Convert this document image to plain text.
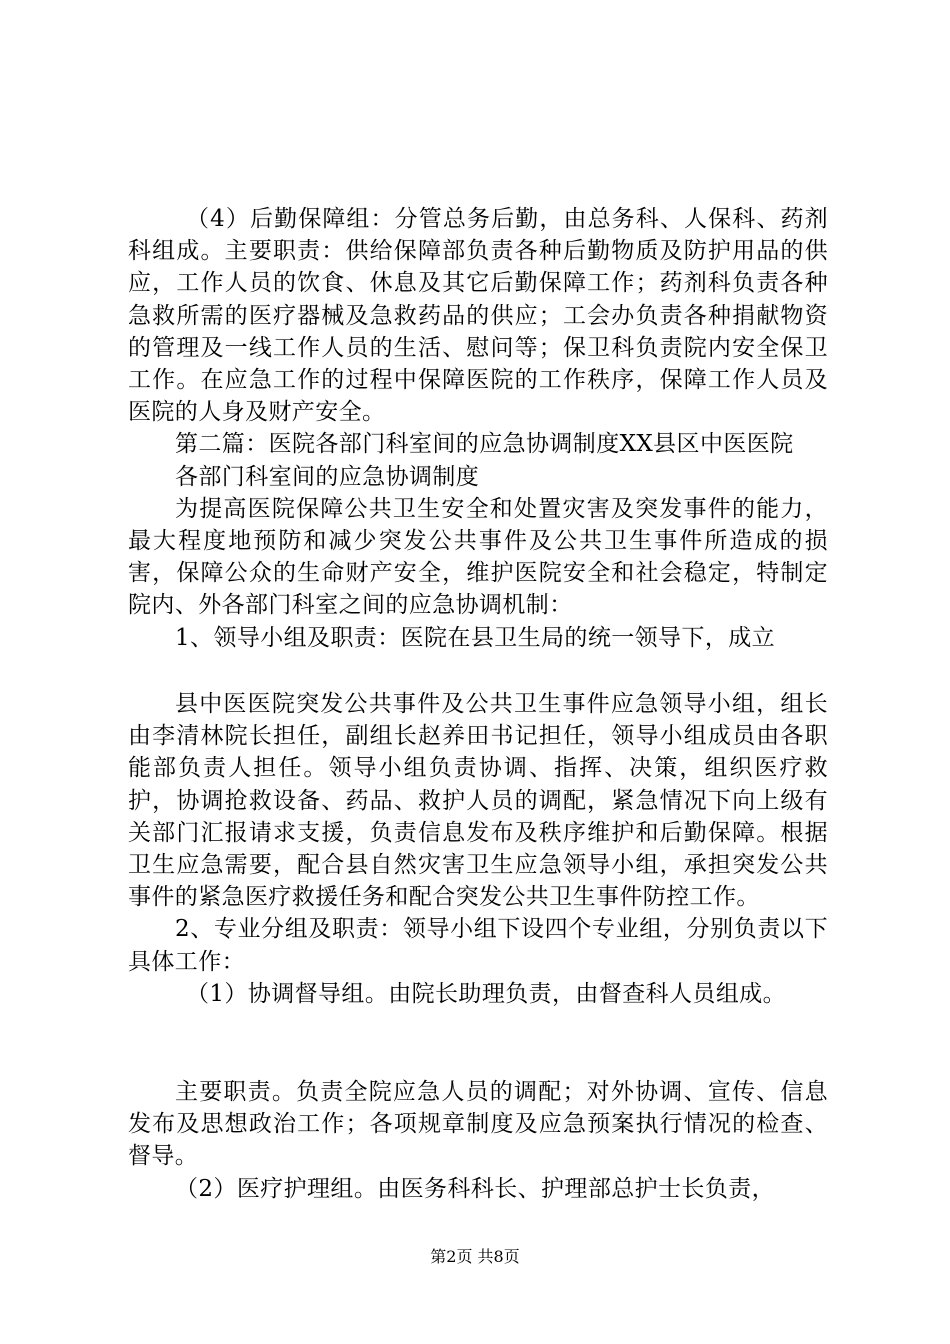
（4）后勤保障组：分管总务后勤，由总务科、人保科、药剂科组成。主要职责：供给保障部负责各种后勤物质及防护用品的供应，工作人员的饮食、休息及其它后勤保障工作；药剂科负责各种急救所需的医疗器械及急救药品的供应；工会办负责各种捐献物资的管理及一线工作人员的生活、慰问等；保卫科负责院内安全保卫工作。在应急工作的过程中保障医院的工作秩序，保障工作人员及医院的人身及财产安全。

第二篇：医院各部门科室间的应急协调制度XX县区中医医院

各部门科室间的应急协调制度

为提高医院保障公共卫生安全和处置灾害及突发事件的能力，最大程度地预防和减少突发公共事件及公共卫生事件所造成的损害，保障公众的生命财产安全，维护医院安全和社会稳定，特制定院内、外各部门科室之间的应急协调机制：

1、领导小组及职责：医院在县卫生局的统一领导下，成立

县中医医院突发公共事件及公共卫生事件应急领导小组，组长由李清林院长担任，副组长赵养田书记担任，领导小组成员由各职能部负责人担任。领导小组负责协调、指挥、决策，组织医疗救护，协调抢救设备、药品、救护人员的调配，紧急情况下向上级有关部门汇报请求支援，负责信息发布及秩序维护和后勤保障。根据卫生应急需要，配合县自然灾害卫生应急领导小组，承担突发公共事件的紧急医疗救援任务和配合突发公共卫生事件防控工作。

2、专业分组及职责：领导小组下设四个专业组，分别负责以下具体工作：

（1）协调督导组。由院长助理负责，由督查科人员组成。

主要职责。负责全院应急人员的调配；对外协调、宣传、信息发布及思想政治工作；各项规章制度及应急预案执行情况的检查、督导。

（2）医疗护理组。由医务科科长、护理部总护士长负责，

第2页 共8页
